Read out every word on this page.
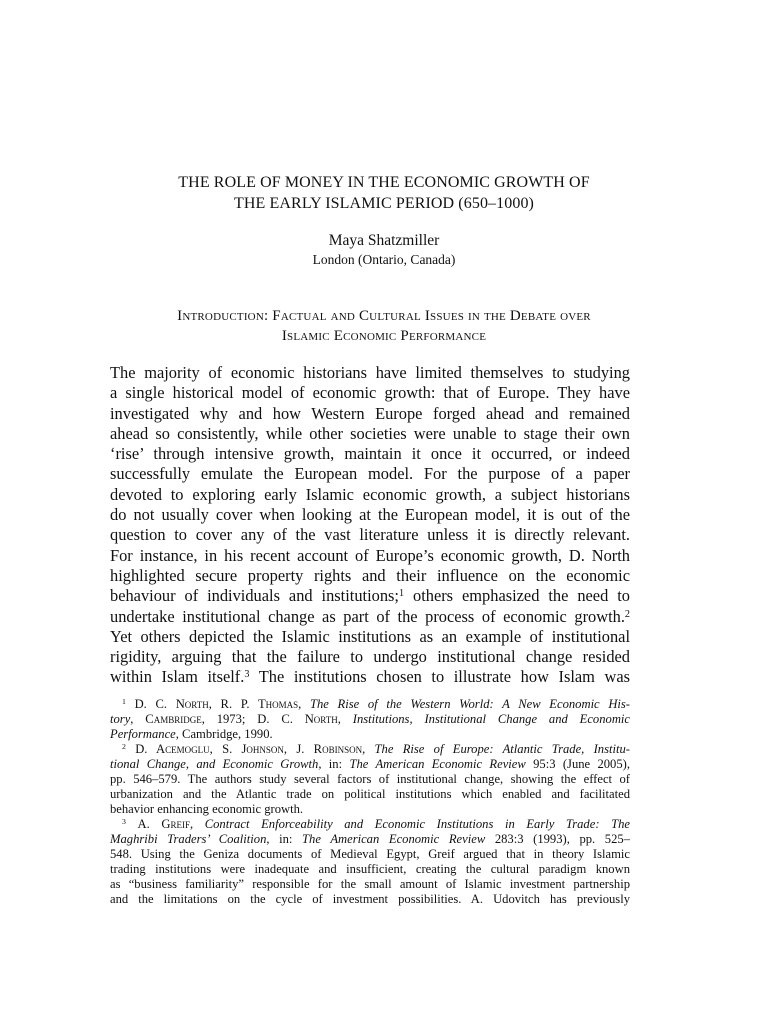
THE ROLE OF MONEY IN THE ECONOMIC GROWTH OF
THE EARLY ISLAMIC PERIOD (650–1000)
Maya Shatzmiller
London (Ontario, Canada)
Introduction: Factual and Cultural Issues in the Debate over
Islamic Economic Performance
The majority of economic historians have limited themselves to studying
a single historical model of economic growth: that of Europe. They have
investigated why and how Western Europe forged ahead and remained
ahead so consistently, while other societies were unable to stage their own
‘rise’ through intensive growth, maintain it once it occurred, or indeed
successfully emulate the European model. For the purpose of a paper
devoted to exploring early Islamic economic growth, a subject historians
do not usually cover when looking at the European model, it is out of the
question to cover any of the vast literature unless it is directly relevant.
For instance, in his recent account of Europe’s economic growth, D. North
highlighted secure property rights and their influence on the economic
behaviour of individuals and institutions;$^1$ others emphasized the need to
undertake institutional change as part of the process of economic growth.$^2$
Yet others depicted the Islamic institutions as an example of institutional
rigidity, arguing that the failure to undergo institutional change resided
within Islam itself.$^3$ The institutions chosen to illustrate how Islam was
$^1$ D. C. North, R. P. Thomas, The Rise of the Western World: A New Economic His-
tory, Cambridge, 1973; D. C. North, Institutions, Institutional Change and Economic
Performance, Cambridge, 1990.
$^2$ D. Acemoglu, S. Johnson, J. Robinson, The Rise of Europe: Atlantic Trade, Institu-
tional Change, and Economic Growth, in: The American Economic Review 95:3 (June 2005),
pp. 546–579. The authors study several factors of institutional change, showing the effect of
urbanization and the Atlantic trade on political institutions which enabled and facilitated
behavior enhancing economic growth.
$^3$ A. Greif, Contract Enforceability and Economic Institutions in Early Trade: The
Maghribi Traders’ Coalition, in: The American Economic Review 283:3 (1993), pp. 525–
548. Using the Geniza documents of Medieval Egypt, Greif argued that in theory Islamic
trading institutions were inadequate and insufficient, creating the cultural paradigm known
as “business familiarity” responsible for the small amount of Islamic investment partnership
and the limitations on the cycle of investment possibilities. A. Udovitch has previously
